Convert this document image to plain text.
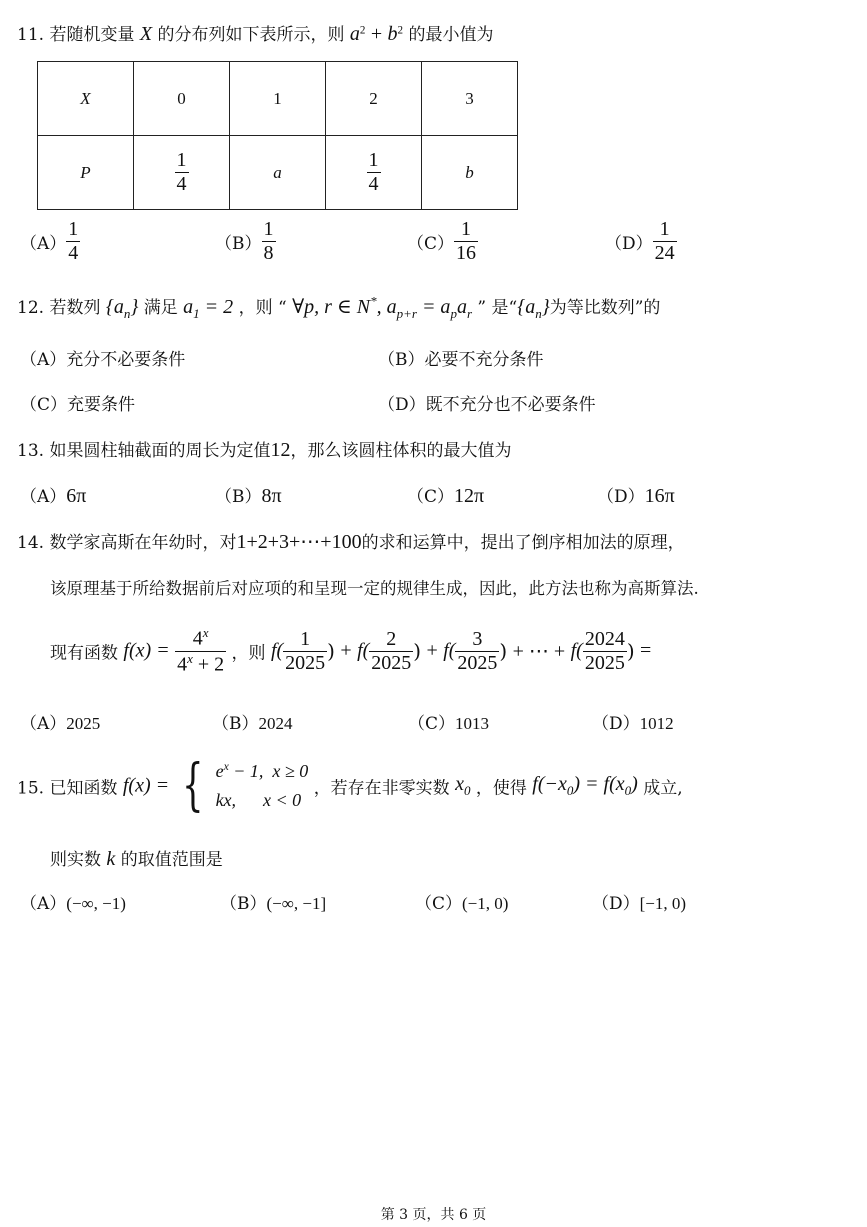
11. 若随机变量 X 的分布列如下表所示，则 $a^2 + b^2$ 的最小值为
X	0	1	2	3
P	$\frac{1}{4}$	a	$\frac{1}{4}$	b
$(A) \frac{1}{4}$	$(B) \frac{1}{8}$	$(C) \frac{1}{16}$	$(D) \frac{1}{24}$
12. 若数列 $\{a_n\}$ 满足 $a_1 = 2$ ，则 “ ∀p, r ∈ N*, $a_{p+r} = a_pa_r$ ” 是“$\{a_n\}$为等比数列”的
（A）充分不必要条件	（B）必要不充分条件
（C）充要条件	（D）既不充分也不必要条件
13. 如果圆柱轴截面的周长为定值12，那么该圆柱体积的最大值为
（A）6π	（B）8π	（C）12π	（D）16π
14. 数学家高斯在年幼时，对1+2+3+⋯+100的求和运算中，提出了倒序相加法的原理，
该原理基于所给数据前后对应项的和呈现一定的规律生成，因此，此方法也称为高斯算法.
现有函数 $f(x) = \frac{4^x}{4^x + 2}$ ，则 $f( \frac{1}{2025}$ ) + $f( \frac{2}{2025}$ ) + $f( \frac{3}{2025}$ ) + ⋯ + $f( \frac{2024}{2025}$ ) =
（A）2025	（B）2024	（C）1013	（D）1012
15. 已知函数 f(x) = { $e^x - 1$, x ≥ 0
kx, x < 0
，若存在非零实数 $x_0$ ，使得 $f(-x_0) = f(x_0)$ 成立,
则实数 k 的取值范围是
（A）(−∞, −1)	（B）(−∞, −1]	（C）(−1, 0)	（D）[−1, 0)
第 3 页，共 6 页
